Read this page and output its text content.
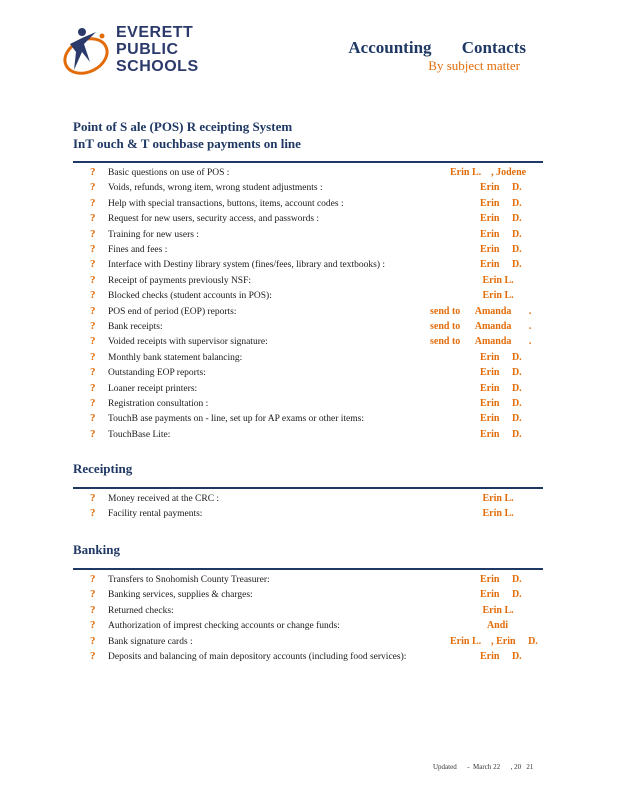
EVERETT
PUBLIC
SCHOOLS
Accounting Contacts
By subject matter
Point of S ale (POS) R eceipting System
InT ouch & T ouchbase payments on line
? Basic questions on use of POS :	Erin L.    , Jodene
? Voids, refunds, wrong item, wrong student adjustments :	Erin     D.
? Help with special transactions, buttons, items, account codes :	Erin     D.
? Request for new users, security access, and passwords :	Erin     D.
? Training for new users :	Erin     D.
? Fines and fees :	Erin     D.
? Interface with Destiny library system (fines/fees, library and textbooks) :	Erin     D.
? Receipt of payments previously NSF:	Erin L.
? Blocked checks (student accounts in POS):	Erin L.
? POS end of period (EOP) reports:	send to      Amanda       .
? Bank receipts:	send to      Amanda       .
? Voided receipts with supervisor signature:	send to      Amanda       .
? Monthly bank statement balancing:	Erin     D.
? Outstanding EOP reports:	Erin     D.
? Loaner receipt printers:	Erin     D.
? Registration consultation :	Erin     D.
? TouchB ase payments on - line, set up for AP exams or other items:	Erin     D.
? TouchBase Lite:	Erin     D.
Receipting
? Money received at the CRC :	Erin L.
? Facility rental payments:	Erin L.
Banking
? Transfers to Snohomish County Treasurer:	Erin     D.
? Banking services, supplies & charges:	Erin     D.
? Returned checks:	Erin L.
? Authorization of imprest checking accounts or change funds:	Andi
? Bank signature cards :	Erin L.    , Erin     D.
? Deposits and balancing of main depository accounts (including food services): Erin     D.
Updated      -  March 22      , 20   21
